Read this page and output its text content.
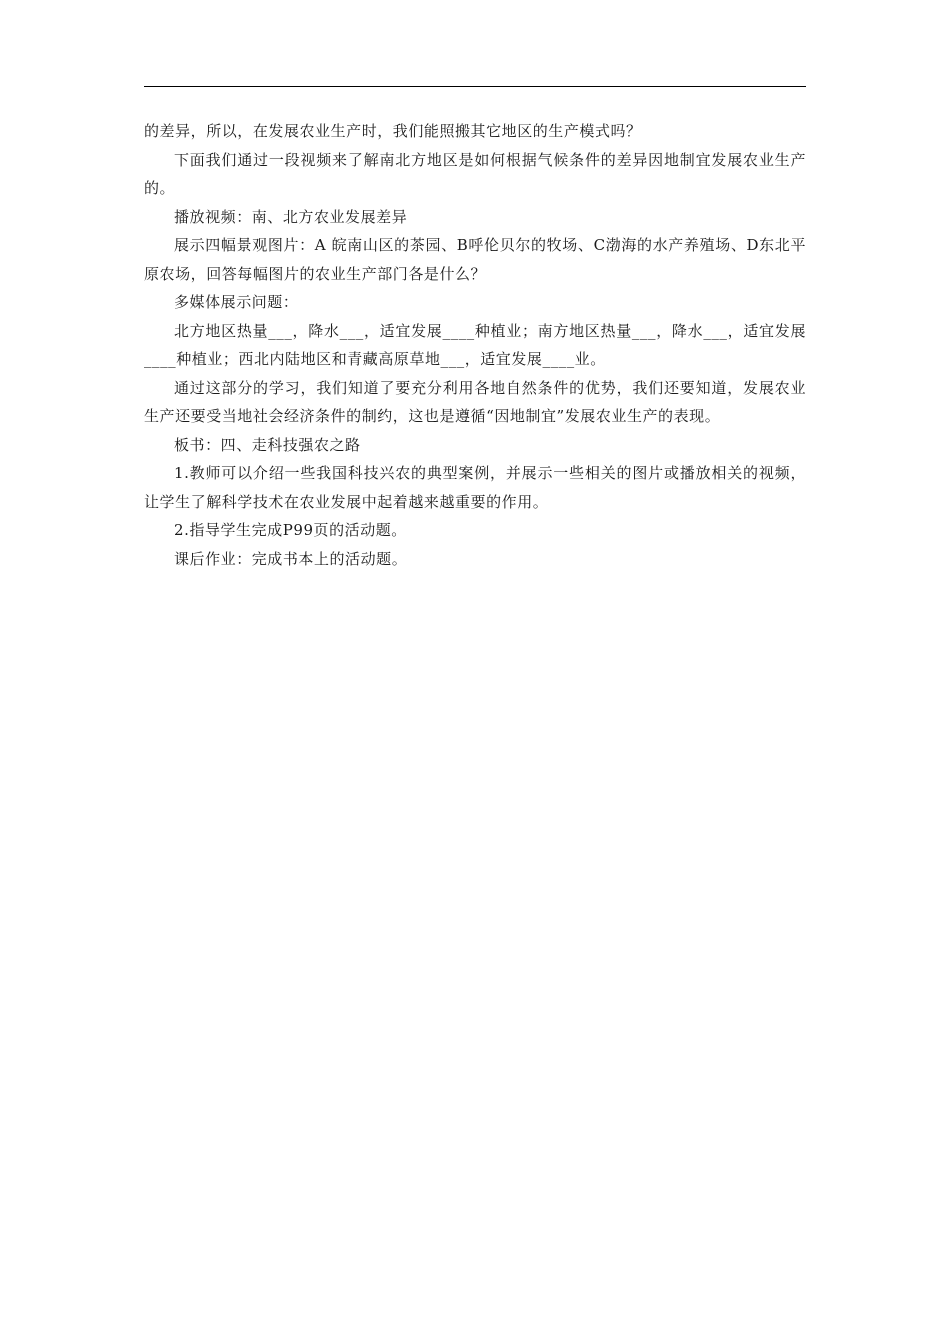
的差异，所以，在发展农业生产时，我们能照搬其它地区的生产模式吗？

下面我们通过一段视频来了解南北方地区是如何根据气候条件的差异因地制宜发展农业生产的。

播放视频：南、北方农业发展差异

展示四幅景观图片：A 皖南山区的茶园、B呼伦贝尔的牧场、C渤海的水产养殖场、D东北平原农场，回答每幅图片的农业生产部门各是什么？

多媒体展示问题：

北方地区热量___，降水___，适宜发展____种植业；南方地区热量___，降水___，适宜发展____种植业；西北内陆地区和青藏高原草地___，适宜发展____业。

通过这部分的学习，我们知道了要充分利用各地自然条件的优势，我们还要知道，发展农业生产还要受当地社会经济条件的制约，这也是遵循“因地制宜”发展农业生产的表现。

板书：四、走科技强农之路

1.教师可以介绍一些我国科技兴农的典型案例，并展示一些相关的图片或播放相关的视频，让学生了解科学技术在农业发展中起着越来越重要的作用。

2.指导学生完成P99页的活动题。

课后作业：完成书本上的活动题。
